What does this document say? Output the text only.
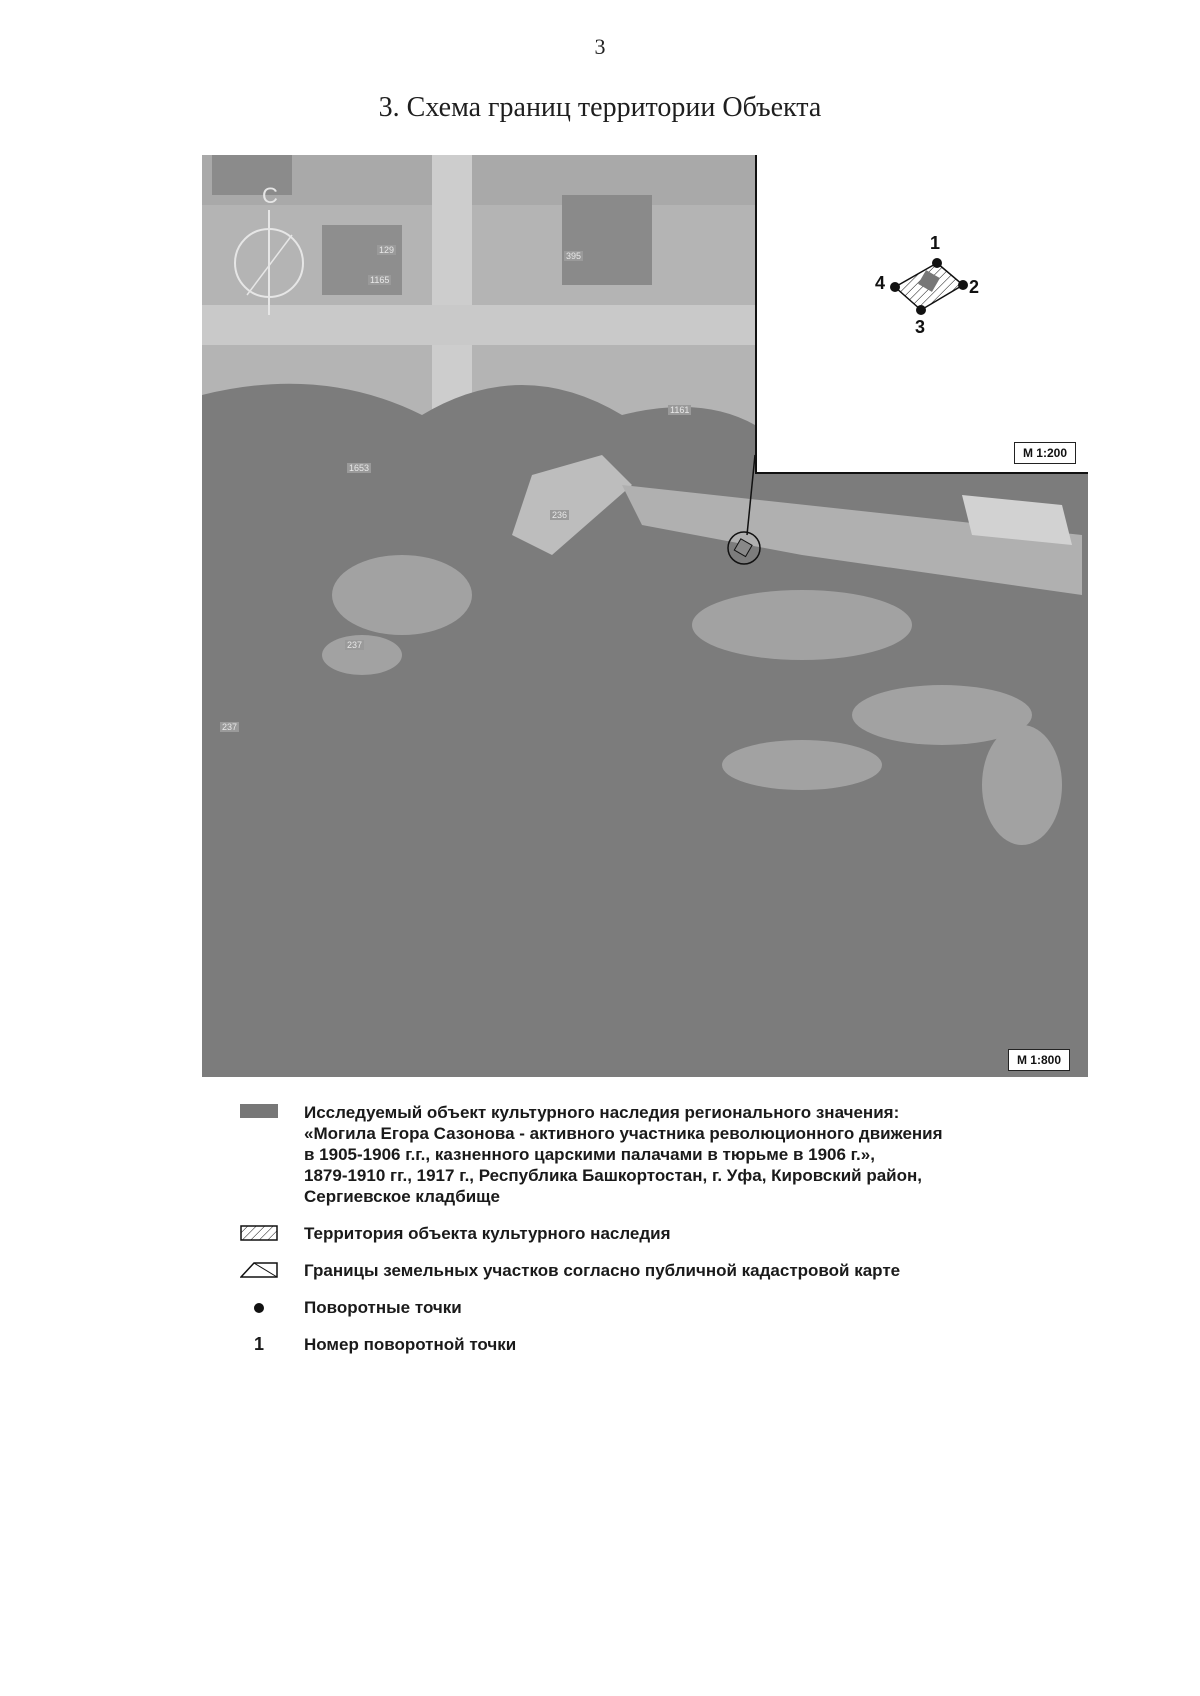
3
3. Схема границ территории Объекта
С
129
1165
395
1161
1653
236
237
237
1
2
3
4
М 1:200
М 1:800
Исследуемый объект культурного наследия регионального значения:
«Могила Егора Сазонова - активного участника революционного движения
в 1905-1906 г.г., казненного царскими палачами в тюрьме в 1906 г.»,
1879-1910 гг., 1917 г., Республика Башкортостан, г. Уфа, Кировский район,
Сергиевское кладбище
Территория объекта культурного наследия
Границы земельных участков согласно публичной кадастровой карте
Поворотные точки
1 Номер поворотной точки
